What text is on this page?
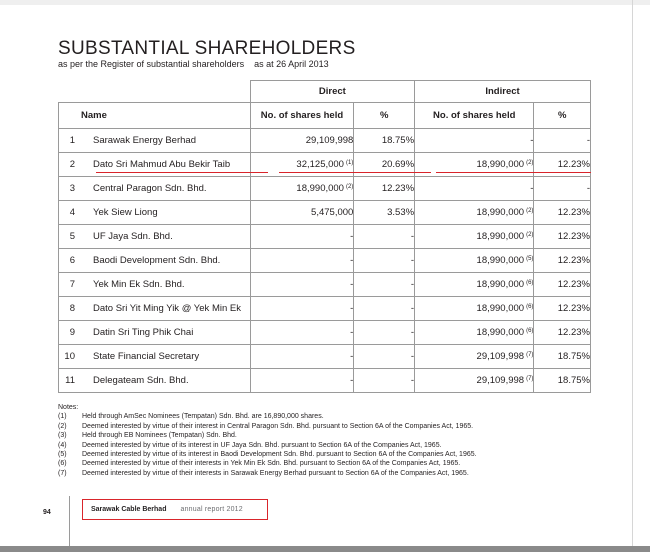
SUBSTANTIAL SHAREHOLDERS
as per the Register of substantial shareholders as at 26 April 2013
	Direct		Indirect	
Name	No. of shares held	%	No. of shares held	%

1 Sarawak Energy Berhad	29,109,998	18.75%	-	-

2 Dato Sri Mahmud Abu Bekir Taib	32,125,000 $^{(1)}$	20.69%	18,990,000 $^{(2)}$	12.23%

3 Central Paragon Sdn. Bhd.	18,990,000 $^{(2)}$	12.23%	-	-

4 Yek Siew Liong	5,475,000	3.53%	18,990,000 $^{(2)}$	12.23%

5 UF Jaya Sdn. Bhd.	-	-	18,990,000 $^{(2)}$	12.23%

6 Baodi Development Sdn. Bhd.	-	-	18,990,000 $^{(5)}$	12.23%

7 Yek Min Ek Sdn. Bhd.	-	-	18,990,000 $^{(6)}$	12.23%

8 Dato Sri Yit Ming Yik @ Yek Min Ek	-	-	18,990,000 $^{(6)}$	12.23%

9 Datin Sri Ting Phik Chai	-	-	18,990,000 $^{(6)}$	12.23%

10 State Financial Secretary	-	-	29,109,998 $^{(7)}$	18.75%

11 Delegateam Sdn. Bhd.	-	-	29,109,998 $^{(7)}$	18.75%
Notes:
(1)	Held through AmSec Nominees (Tempatan) Sdn. Bhd. are 16,890,000 shares.
(2)	Deemed interested by virtue of their interest in Central Paragon Sdn. Bhd. pursuant to Section 6A of the Companies Act, 1965.
(3)	Held through EB Nominees (Tempatan) Sdn. Bhd.
(4)	Deemed interested by virtue of its interest in UF Jaya Sdn. Bhd. pursuant to Section 6A of the Companies Act, 1965.
(5)	Deemed interested by virtue of its interest in Baodi Development Sdn. Bhd. pursuant to Section 6A of the Companies Act, 1965.
(6)	Deemed interested by virtue of their interests in Yek Min Ek Sdn. Bhd. pursuant to Section 6A of the Companies Act, 1965.
(7)	Deemed interested by virtue of their interests in Sarawak Energy Berhad pursuant to Section 6A of the Companies Act, 1965.
94	Sarawak Cable Berhad annual report 2012
